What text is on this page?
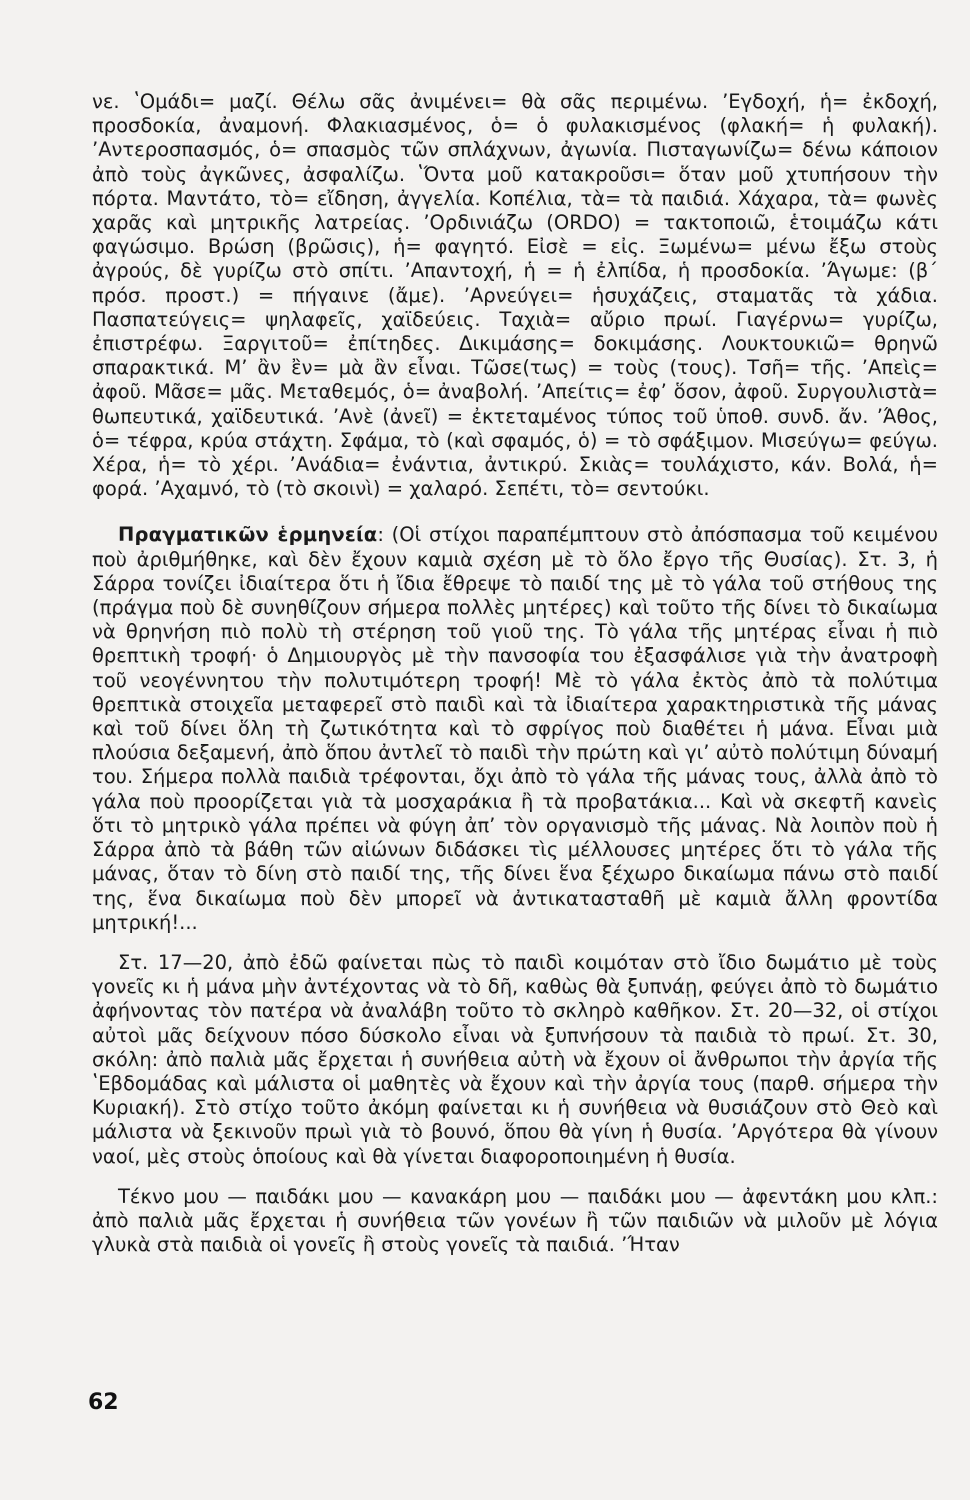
νε. ʽΟμάδι= μαζί. Θέλω σᾶς ἀνιμένει= θὰ σᾶς περιμένω. ʼΕγδοχή, ἡ= ἐκδοχή, προσδοκία, ἀναμονή. Φλακιασμένος, ὁ= ὁ φυλακισμένος (φλακή= ἡ φυλακή). ʼΑντεροσπασμός, ὁ= σπασμὸς τῶν σπλάχνων, ἀγωνία. Πισταγωνίζω= δένω κάποιον ἀπὸ τοὺς ἀγκῶνες, ἀσφαλίζω. ʽΌντα μοῦ κατακροῦσι= ὅταν μοῦ χτυπήσουν τὴν πόρτα. Μαντάτο, τὸ= εἴδηση, ἀγγελία. Κοπέλια, τὰ= τὰ παιδιά. Χάχαρα, τὰ= φωνὲς χαρᾶς καὶ μητρικῆς λατρείας. ʼΟρδινιάζω (ORDO) = τακτοποιῶ, ἑτοιμάζω κάτι φαγώσιμο. Βρώση (βρῶσις), ἡ= φαγητό. Εἰσὲ = εἰς. Ξωμένω= μένω ἔξω στοὺς ἀγρούς, δὲ γυρίζω στὸ σπίτι. ʼΑπαντοχή, ἡ = ἡ ἐλπίδα, ἡ προσδοκία. ʼΆγωμε: (β΄ πρόσ. προστ.) = πήγαινε (ἄμε). ʼΑρνεύγει= ἡσυχάζεις, σταματᾶς τὰ χάδια. Πασπατεύγεις= ψηλαφεῖς, χαϊδεύεις. Ταχιὰ= αὔριο πρωί. Γιαγέρνω= γυρίζω, ἐπιστρέφω. Ξαργιτοῦ= ἐπίτηδες. Δικιμάσης= δοκιμάσης. Λουκτουκιῶ= θρηνῶ σπαρακτικά. Μʼ ἂν ἒν= μὰ ἂν εἶναι. Τῶσε(τως) = τοὺς (τους). Τσῆ= τῆς. ʼΑπεὶς= ἀφοῦ. Μᾶσε= μᾶς. Μεταθεμός, ὁ= ἀναβολή. ʼΑπείτις= ἐφʼ ὅσον, ἀφοῦ. Συργουλιστὰ= θωπευτικά, χαϊδευτικά. ʼΑνὲ (ἀνεῖ) = ἐκτεταμένος τύπος τοῦ ὑποθ. συνδ. ἄν. ʼΆθος, ὁ= τέφρα, κρύα στάχτη. Σφάμα, τὸ (καὶ σφαμός, ὁ) = τὸ σφάξιμον. Μισεύγω= φεύγω. Χέρα, ἡ= τὸ χέρι. ʼΑνάδια= ἐνάντια, ἀντικρύ. Σκιὰς= τουλάχιστο, κάν. Βολά, ἡ= φορά. ʼΑχαμνό, τὸ (τὸ σκοινὶ) = χαλαρό. Σεπέτι, τὸ= σεντούκι.

Πραγματικῶν ἑρμηνεία: (Οἱ στίχοι παραπέμπτουν στὸ ἀπόσπασμα τοῦ κειμένου ποὺ ἀριθμήθηκε, καὶ δὲν ἔχουν καμιὰ σχέση μὲ τὸ ὅλο ἔργο τῆς Θυσίας). Στ. 3, ἡ Σάρρα τονίζει ἰδιαίτερα ὅτι ἡ ἴδια ἔθρεψε τὸ παιδί της μὲ τὸ γάλα τοῦ στήθους της (πράγμα ποὺ δὲ συνηθίζουν σήμερα πολλὲς μητέρες) καὶ τοῦτο τῆς δίνει τὸ δικαίωμα νὰ θρηνήση πιὸ πολὺ τὴ στέρηση τοῦ γιοῦ της. Τὸ γάλα τῆς μητέρας εἶναι ἡ πιὸ θρεπτικὴ τροφή· ὁ Δημιουργὸς μὲ τὴν πανσοφία του ἐξασφάλισε γιὰ τὴν ἀνατροφὴ τοῦ νεογέννητου τὴν πολυτιμότερη τροφή! Μὲ τὸ γάλα ἐκτὸς ἀπὸ τὰ πολύτιμα θρεπτικὰ στοιχεῖα μεταφερεῖ στὸ παιδὶ καὶ τὰ ἰδιαίτερα χαρακτηριστικὰ τῆς μάνας καὶ τοῦ δίνει ὅλη τὴ ζωτικότητα καὶ τὸ σφρίγος ποὺ διαθέτει ἡ μάνα. Εἶναι μιὰ πλούσια δεξαμενή, ἀπὸ ὅπου ἀντλεῖ τὸ παιδὶ τὴν πρώτη καὶ γιʼ αὐτὸ πολύτιμη δύναμή του. Σήμερα πολλὰ παιδιὰ τρέφονται, ὄχι ἀπὸ τὸ γάλα τῆς μάνας τους, ἀλλὰ ἀπὸ τὸ γάλα ποὺ προορίζεται γιὰ τὰ μοσχαράκια ἢ τὰ προβατάκια... Καὶ νὰ σκεφτῆ κανεὶς ὅτι τὸ μητρικὸ γάλα πρέπει νὰ φύγη ἀπʼ τὸν οργανισμὸ τῆς μάνας. Νὰ λοιπὸν ποὺ ἡ Σάρρα ἀπὸ τὰ βάθη τῶν αἰώνων διδάσκει τὶς μέλλουσες μητέρες ὅτι τὸ γάλα τῆς μάνας, ὅταν τὸ δίνη στὸ παιδί της, τῆς δίνει ἕνα ξέχωρο δικαίωμα πάνω στὸ παιδί της, ἕνα δικαίωμα ποὺ δὲν μπορεῖ νὰ ἀντικατασταθῆ μὲ καμιὰ ἄλλη φροντίδα μητρική!...

Στ. 17—20, ἀπὸ ἐδῶ φαίνεται πὼς τὸ παιδὶ κοιμόταν στὸ ἴδιο δωμάτιο μὲ τοὺς γονεῖς κι ἡ μάνα μὴν ἀντέχοντας νὰ τὸ δῆ, καθὼς θὰ ξυπνάῃ, φεύγει ἀπὸ τὸ δωμάτιο ἀφήνοντας τὸν πατέρα νὰ ἀναλάβη τοῦτο τὸ σκληρὸ καθῆκον. Στ. 20—32, οἱ στίχοι αὐτοὶ μᾶς δείχνουν πόσο δύσκολο εἶναι νὰ ξυπνήσουν τὰ παιδιὰ τὸ πρωί. Στ. 30, σκόλη: ἀπὸ παλιὰ μᾶς ἔρχεται ἡ συνήθεια αὐτὴ νὰ ἔχουν οἱ ἄνθρωποι τὴν ἀργία τῆς ʽΕβδομάδας καὶ μάλιστα οἱ μαθητὲς νὰ ἔχουν καὶ τὴν ἀργία τους (παρθ. σήμερα τὴν Κυριακή). Στὸ στίχο τοῦτο ἀκόμη φαίνεται κι ἡ συνήθεια νὰ θυσιάζουν στὸ Θεὸ καὶ μάλιστα νὰ ξεκινοῦν πρωὶ γιὰ τὸ βουνό, ὅπου θὰ γίνη ἡ θυσία. ʼΑργότερα θὰ γίνουν ναοί, μὲς στοὺς ὁποίους καὶ θὰ γίνεται διαφοροποιημένη ἡ θυσία.

Τέκνο μου — παιδάκι μου — κανακάρη μου — παιδάκι μου — ἀφεντάκη μου κλπ.: ἀπὸ παλιὰ μᾶς ἔρχεται ἡ συνήθεια τῶν γονέων ἢ τῶν παιδιῶν νὰ μιλοῦν μὲ λόγια γλυκὰ στὰ παιδιὰ οἱ γονεῖς ἢ στοὺς γονεῖς τὰ παιδιά. ʼΉταν

62
